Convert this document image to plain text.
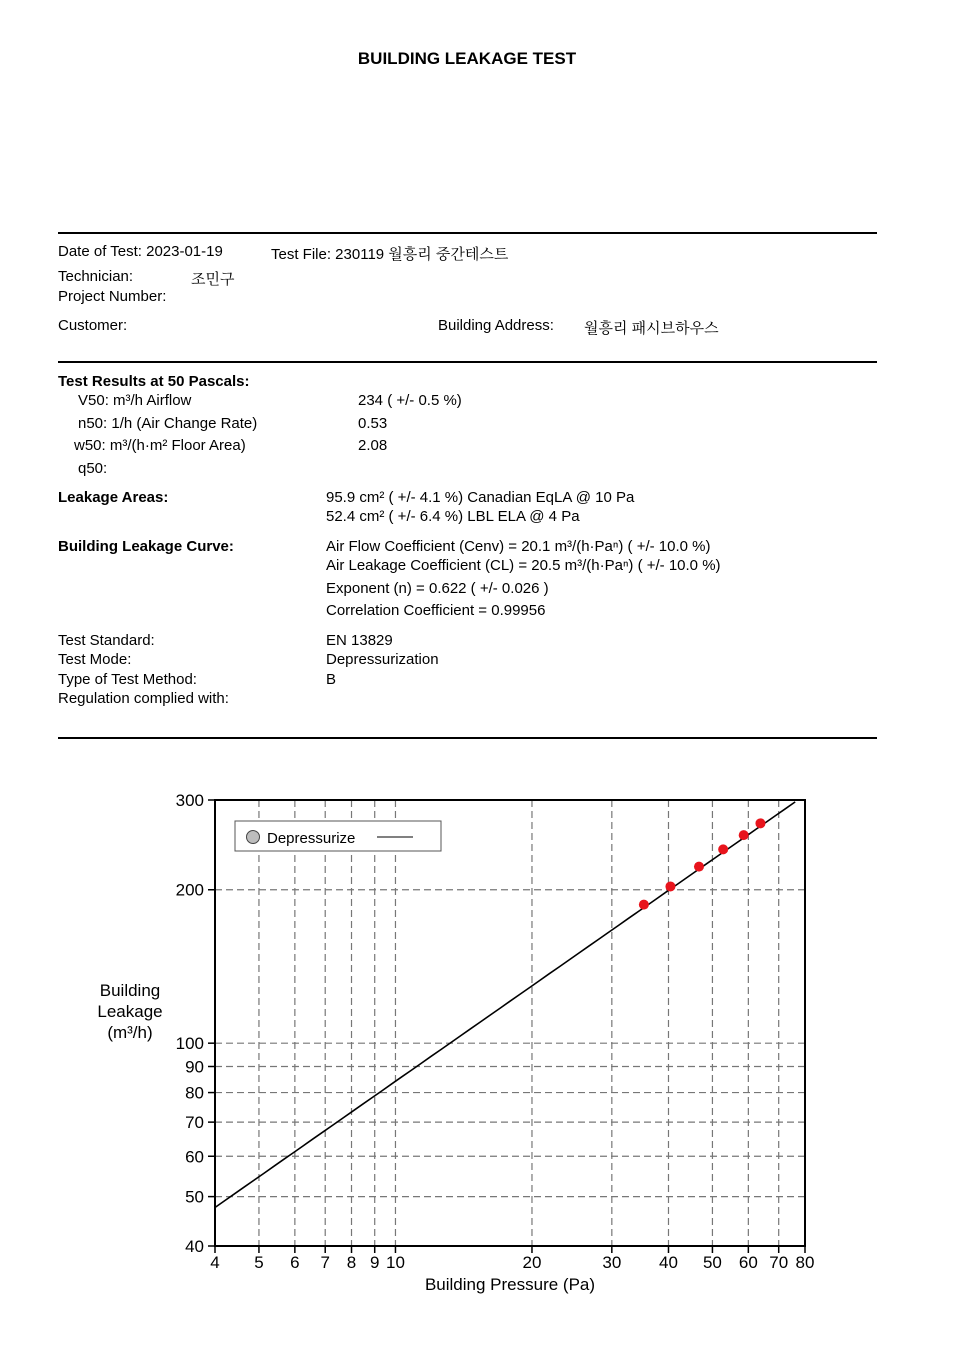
BUILDING LEAKAGE TEST
Date of Test: 2023-01-19	Test File: 230119 월흥리 중간테스트
Technician:	조민구
Project Number:
Customer:	Building Address: 월흥리 패시브하우스
Test Results at 50 Pascals:
V50: m³/h Airflow	234 ( +/- 0.5 %)
n50: 1/h (Air Change Rate)	0.53
w50: m³/(h·m² Floor Area)	2.08
q50:
Leakage Areas:	95.9 cm² ( +/- 4.1 %) Canadian EqLA @ 10 Pa
52.4 cm² ( +/- 6.4 %) LBL ELA @ 4 Pa
Building Leakage Curve:	Air Flow Coefficient (Cenv) = 20.1 m³/(h·Paⁿ) ( +/- 10.0 %)
Air Leakage Coefficient (CL) = 20.5 m³/(h·Paⁿ) ( +/- 10.0 %)
Exponent (n) = 0.622 ( +/- 0.026 )
Correlation Coefficient = 0.99956
Test Standard:	EN 13829
Test Mode:	Depressurization
Type of Test Method:	B
Regulation complied with:
4 5 6 7 8 9 10	20	30 40 50 60 70 80
40
50
60
70
80
90
100
200
300
Depressurize
Building Pressure (Pa)
Building
Leakage
(m³/h)
